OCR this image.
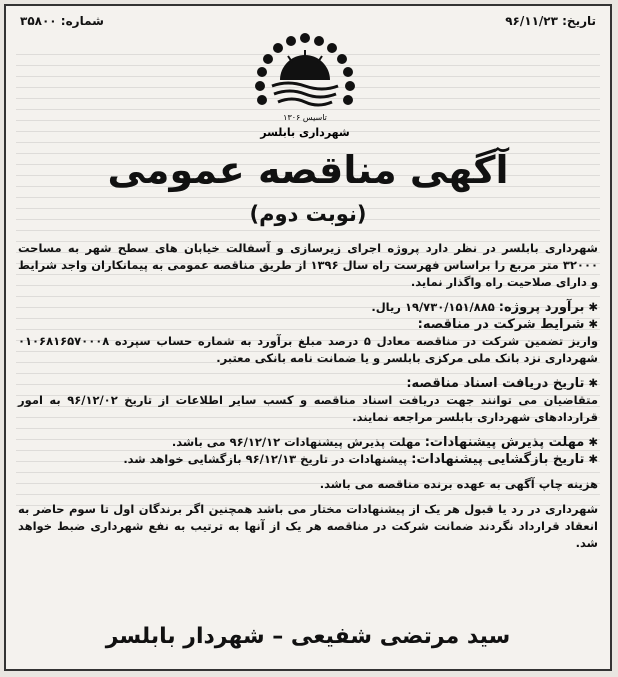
تاریخ: ۹۶/۱۱/۲۳
شماره: ۳۵۸۰۰
تاسیس ۱۳۰۶
شهرداری بابلسر
آگهی مناقصه عمومی
(نوبت دوم)

شهرداری بابلسر در نظر دارد پروژه اجرای زیرسازی و آسفالت خیابان های سطح شهر به مساحت ۳۲۰۰۰ متر مربع را براساس فهرست راه سال ۱۳۹۶ از طریق مناقصه عمومی به پیمانکاران واجد شرایط و دارای صلاحیت راه واگذار نماید.

✱برآورد پروژه: ۱۹/۷۳۰/۱۵۱/۸۸۵ ریال.

✱شرایط شرکت در مناقصه:

واریز تضمین شرکت در مناقصه معادل ۵ درصد مبلغ برآورد به شماره حساب سپرده ۰۱۰۶۸۱۶۵۷۰۰۰۸ شهرداری نزد بانک ملی مرکزی بابلسر و یا ضمانت نامه بانکی معتبر.

✱تاریخ دریافت اسناد مناقصه:

متقاضیان می توانند جهت دریافت اسناد مناقصه و کسب سایر اطلاعات از تاریخ ۹۶/۱۲/۰۲ به امور قراردادهای شهرداری بابلسر مراجعه نمایند.

✱مهلت پذیرش پیشنهادات: مهلت پذیرش پیشنهادات ۹۶/۱۲/۱۲ می باشد.

✱تاریخ بازگشایی پیشنهادات: پیشنهادات در تاریخ ۹۶/۱۲/۱۳ بازگشایی خواهد شد.

هزینه چاپ آگهی به عهده برنده مناقصه می باشد.

شهرداری در رد یا قبول هر یک از پیشنهادات مختار می باشد همچنین اگر برندگان اول تا سوم حاضر به انعقاد قرارداد نگردند ضمانت شرکت در مناقصه هر یک از آنها به ترتیب به نفع شهرداری ضبط خواهد شد.

سید مرتضی شفیعی – شهردار بابلسر
